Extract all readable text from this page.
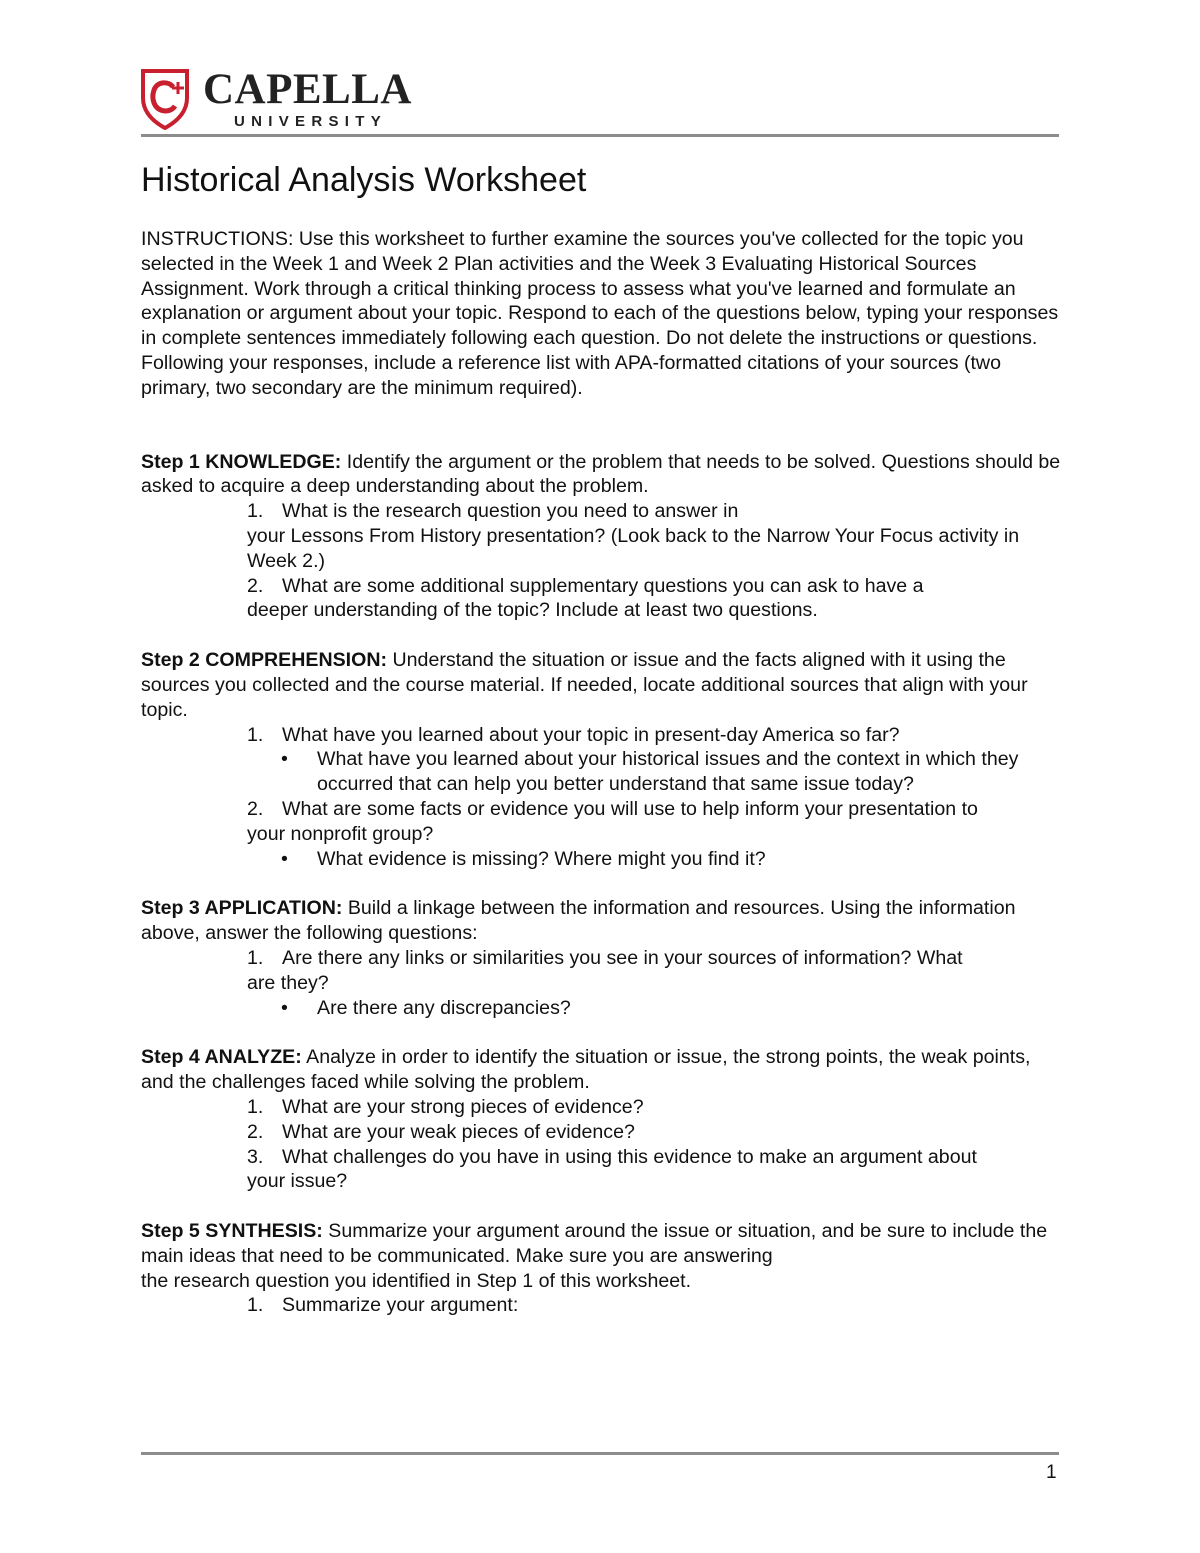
CAPELLA
UNIVERSITY
Historical Analysis Worksheet

INSTRUCTIONS: Use this worksheet to further examine the sources you've collected for the topic you selected in the Week 1 and Week 2 Plan activities and the Week 3 Evaluating Historical Sources Assignment. Work through a critical thinking process to assess what you've learned and formulate an explanation or argument about your topic. Respond to each of the questions below, typing your responses in complete sentences immediately following each question. Do not delete the instructions or questions. Following your responses, include a reference list with APA-formatted citations of your sources (two primary, two secondary are the minimum required).

Step 1 KNOWLEDGE: Identify the argument or the problem that needs to be solved. Questions should be asked to acquire a deep understanding about the problem.

1. What is the research question you need to answer in
your Lessons From History presentation? (Look back to the Narrow Your Focus activity in Week 2.)

2. What are some additional supplementary questions you can ask to have a
deeper understanding of the topic? Include at least two questions.

Step 2 COMPREHENSION: Understand the situation or issue and the facts aligned with it using the sources you collected and the course material. If needed, locate additional sources that align with your topic.

1. What have you learned about your topic in present-day America so far?

• What have you learned about your historical issues and the context in which they occurred that can help you better understand that same issue today?

2. What are some facts or evidence you will use to help inform your presentation to
your nonprofit group?

• What evidence is missing? Where might you find it?

Step 3 APPLICATION: Build a linkage between the information and resources. Using the information above, answer the following questions:

1. Are there any links or similarities you see in your sources of information? What
are they?

• Are there any discrepancies?

Step 4 ANALYZE: Analyze in order to identify the situation or issue, the strong points, the weak points, and the challenges faced while solving the problem.

1. What are your strong pieces of evidence?

2. What are your weak pieces of evidence?

3. What challenges do you have in using this evidence to make an argument about
your issue?

Step 5 SYNTHESIS: Summarize your argument around the issue or situation, and be sure to include the main ideas that need to be communicated. Make sure you are answering
the research question you identified in Step 1 of this worksheet.

1. Summarize your argument:

1
